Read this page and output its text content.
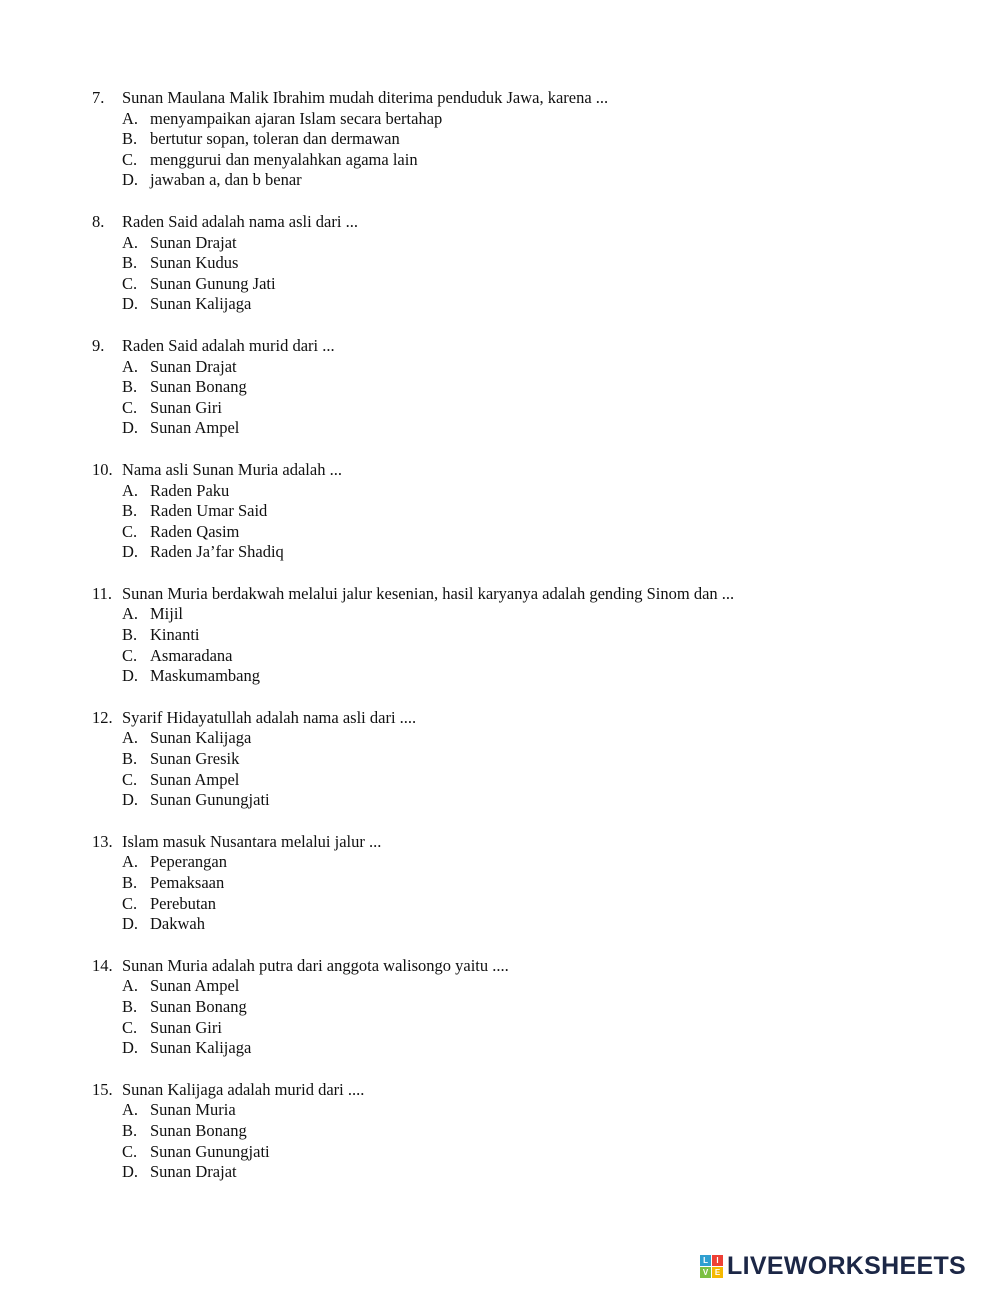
7.	Sunan Maulana Malik Ibrahim mudah diterima penduduk Jawa, karena ...
A. menyampaikan ajaran Islam secara bertahap
B. bertutur sopan, toleran dan dermawan
C. menggurui dan menyalahkan agama lain
D. jawaban a, dan b benar
8.	Raden Said adalah nama asli dari ...
A. Sunan Drajat
B. Sunan Kudus
C. Sunan Gunung Jati
D. Sunan Kalijaga
9.	Raden Said adalah murid dari ...
A. Sunan Drajat
B. Sunan Bonang
C. Sunan Giri
D. Sunan Ampel
10. Nama asli Sunan Muria adalah ...
A. Raden Paku
B. Raden Umar Said
C. Raden Qasim
D. Raden Ja’far Shadiq
11. Sunan Muria berdakwah melalui jalur kesenian, hasil karyanya adalah gending Sinom dan ...
A. Mijil
B. Kinanti
C. Asmaradana
D. Maskumambang
12. Syarif Hidayatullah adalah nama asli dari ....
A. Sunan Kalijaga
B. Sunan Gresik
C. Sunan Ampel
D. Sunan Gunungjati
13. Islam masuk Nusantara melalui jalur ...
A. Peperangan
B. Pemaksaan
C. Perebutan
D. Dakwah
14. Sunan Muria adalah putra dari anggota walisongo yaitu ....
A. Sunan Ampel
B. Sunan Bonang
C. Sunan Giri
D. Sunan Kalijaga
15. Sunan Kalijaga adalah murid dari ....
A. Sunan Muria
B. Sunan Bonang
C. Sunan Gunungjati
D. Sunan Drajat
L	I
V E LIVEWORKSHEETS
